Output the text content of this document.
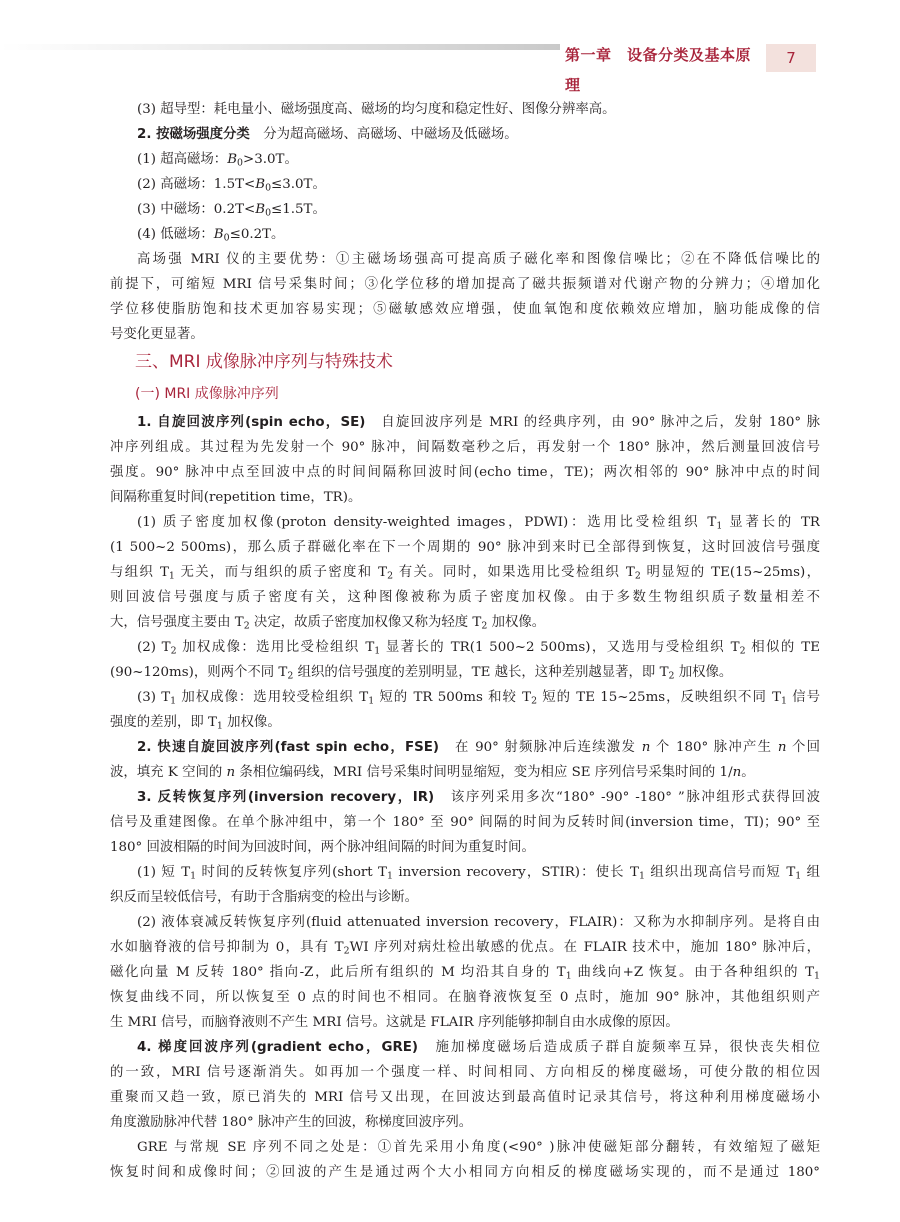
第一章　设备分类及基本原理
7
(3) 超导型：耗电量小、磁场强度高、磁场的均匀度和稳定性好、图像分辨率高。
2. 按磁场强度分类　分为超高磁场、高磁场、中磁场及低磁场。
(1) 超高磁场：$B_0>3.0T$。
(2) 高磁场：$1.5T<B_0\le 3.0T$。
(3) 中磁场：$0.2T<B_0\le 1.5T$。
(4) 低磁场：$B_0\le 0.2T$。
高场强 MRI 仪的主要优势：①主磁场场强高可提高质子磁化率和图像信噪比；②在不降低信噪比的
前提下，可缩短 MRI 信号采集时间；③化学位移的增加提高了磁共振频谱对代谢产物的分辨力；④增加化
学位移使脂肪饱和技术更加容易实现；⑤磁敏感效应增强，使血氧饱和度依赖效应增加，脑功能成像的信
号变化更显著。
三、MRI 成像脉冲序列与特殊技术
(一) MRI 成像脉冲序列
1. 自旋回波序列(spin echo，SE)　自旋回波序列是 MRI 的经典序列，由 90° 脉冲之后，发射 180° 脉
冲序列组成。其过程为先发射一个 90° 脉冲，间隔数毫秒之后，再发射一个 180° 脉冲，然后测量回波信号
强度。90° 脉冲中点至回波中点的时间间隔称回波时间(echo time，TE)；两次相邻的 90° 脉冲中点的时间
间隔称重复时间(repetition time，TR)。
(1) 质子密度加权像(proton density-weighted images，PDWI)：选用比受检组织 $T_1$ 显著长的 TR
(1 500~2 500ms)，那么质子群磁化率在下一个周期的 90° 脉冲到来时已全部得到恢复，这时回波信号强度
与组织 $T_1$ 无关，而与组织的质子密度和 $T_2$ 有关。同时，如果选用比受检组织 $T_2$ 明显短的 TE(15~25ms)，
则回波信号强度与质子密度有关，这种图像被称为质子密度加权像。由于多数生物组织质子数量相差不
大，信号强度主要由 $T_2$ 决定，故质子密度加权像又称为轻度 $T_2$ 加权像。
(2) $T_2$ 加权成像：选用比受检组织 $T_1$ 显著长的 TR(1 500~2 500ms)，又选用与受检组织 $T_2$ 相似的 TE
(90~120ms)，则两个不同 $T_2$ 组织的信号强度的差别明显，TE 越长，这种差别越显著，即 $T_2$ 加权像。
(3) $T_1$ 加权成像：选用较受检组织 $T_1$ 短的 TR 500ms 和较 $T_2$ 短的 TE 15~25ms，反映组织不同 $T_1$ 信号
强度的差别，即 $T_1$ 加权像。
2. 快速自旋回波序列(fast spin echo，FSE)　在 90° 射频脉冲后连续激发 n 个 180° 脉冲产生 n 个回
波，填充 K 空间的 n 条相位编码线，MRI 信号采集时间明显缩短，变为相应 SE 序列信号采集时间的 1/n。
3. 反转恢复序列(inversion recovery，IR)　该序列采用多次“180° -90° -180° ”脉冲组形式获得回波
信号及重建图像。在单个脉冲组中，第一个 180° 至 90° 间隔的时间为反转时间(inversion time，TI)；90° 至
180° 回波相隔的时间为回波时间，两个脉冲组间隔的时间为重复时间。
(1) 短 $T_1$ 时间的反转恢复序列(short $T_1$ inversion recovery，STIR)：使长 $T_1$ 组织出现高信号而短 $T_1$ 组
织反而呈较低信号，有助于含脂病变的检出与诊断。
(2) 液体衰减反转恢复序列(fluid attenuated inversion recovery，FLAIR)：又称为水抑制序列。是将自由
水如脑脊液的信号抑制为 0，具有 $T_2WI$ 序列对病灶检出敏感的优点。在 FLAIR 技术中，施加 180° 脉冲后，
磁化向量 M 反转 180° 指向-Z，此后所有组织的 M 均沿其自身的 $T_1$ 曲线向+Z 恢复。由于各种组织的 $T_1$
恢复曲线不同，所以恢复至 0 点的时间也不相同。在脑脊液恢复至 0 点时，施加 90° 脉冲，其他组织则产
生 MRI 信号，而脑脊液则不产生 MRI 信号。这就是 FLAIR 序列能够抑制自由水成像的原因。
4. 梯度回波序列(gradient echo，GRE)　施加梯度磁场后造成质子群自旋频率互异，很快丧失相位
的一致，MRI 信号逐渐消失。如再加一个强度一样、时间相同、方向相反的梯度磁场，可使分散的相位因
重聚而又趋一致，原已消失的 MRI 信号又出现，在回波达到最高值时记录其信号，将这种利用梯度磁场小
角度激励脉冲代替 180° 脉冲产生的回波，称梯度回波序列。
GRE 与常规 SE 序列不同之处是：①首先采用小角度(<90° )脉冲使磁矩部分翻转，有效缩短了磁矩
恢复时间和成像时间；②回波的产生是通过两个大小相同方向相反的梯度磁场实现的，而不是通过 180°
